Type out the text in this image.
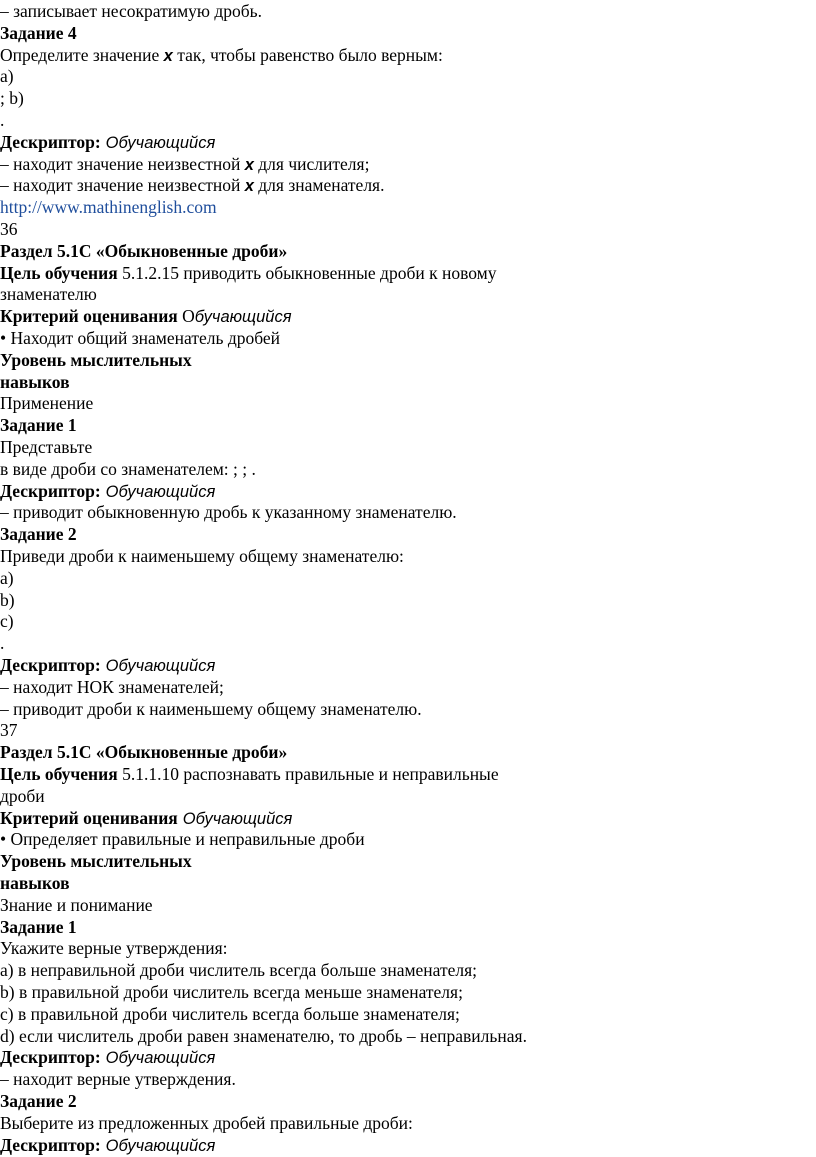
– записывает несократимую дробь.
Задание 4
Определите значение x так, чтобы равенство было верным:
a)
; b)
.
Дескриптор: Обучающийся
– находит значение неизвестной x для числителя;
– находит значение неизвестной x для знаменателя.
http://www.mathinenglish.com
36
Раздел 5.1С «Обыкновенные дроби»
Цель обучения 5.1.2.15 приводить обыкновенные дроби к новому
знаменателю
Критерий оценивания Обучающийся
• Находит общий знаменатель дробей
Уровень мыслительных
навыков
Применение
Задание 1
Представьте
в виде дроби со знаменателем: ; ; .
Дескриптор: Обучающийся
– приводит обыкновенную дробь к указанному знаменателю.
Задание 2
Приведи дроби к наименьшему общему знаменателю:
a)
b)
c)
.
Дескриптор: Обучающийся
– находит НОК знаменателей;
– приводит дроби к наименьшему общему знаменателю.
37
Раздел 5.1С «Обыкновенные дроби»
Цель обучения 5.1.1.10 распознавать правильные и неправильные
дроби
Критерий оценивания Обучающийся
• Определяет правильные и неправильные дроби
Уровень мыслительных
навыков
Знание и понимание
Задание 1
Укажите верные утверждения:
a) в неправильной дроби числитель всегда больше знаменателя;
b) в правильной дроби числитель всегда меньше знаменателя;
c) в правильной дроби числитель всегда больше знаменателя;
d) если числитель дроби равен знаменателю, то дробь – неправильная.
Дескриптор: Обучающийся
– находит верные утверждения.
Задание 2
Выберите из предложенных дробей правильные дроби:
Дескриптор: Обучающийся
